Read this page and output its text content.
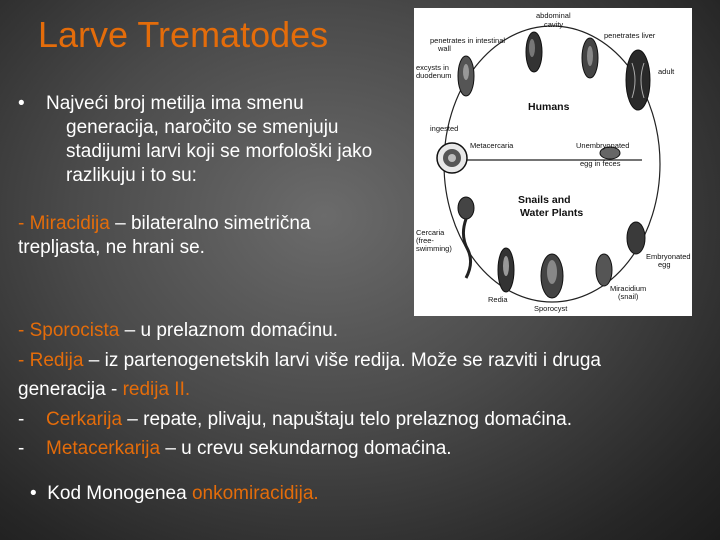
Larve Trematodes

•	Najveći broj metilja ima smenu
generacija, naročito se smenjuju
stadijumi larvi koji se morfološki jako
razlikuju i to su:

- Miracidija – bilateralno simetrična
trepljasta, ne hrani se.

- Sporocista – u prelaznom domaćinu.
- Redija – iz partenogenetskih larvi više redija. Može se razviti i druga
generacija - redija II.
- Cerkarija – repate, plivaju, napuštaju telo prelaznog domaćina.
- Metacerkarija – u crevu sekundarnog domaćina.

• Kod Monogenea onkomiracidija.

abdominal
cavity
penetrates in intestinal
wall
penetrates liver
excysts in
duodenum	adult
Humans
ingested
Metacercaria	Unembryonated
egg in feces
Snails and
Water Plants
Cercaria
(free-
swimming)
Embryonated
egg
Miracidium
(snail)
Redia
Sporocyst
